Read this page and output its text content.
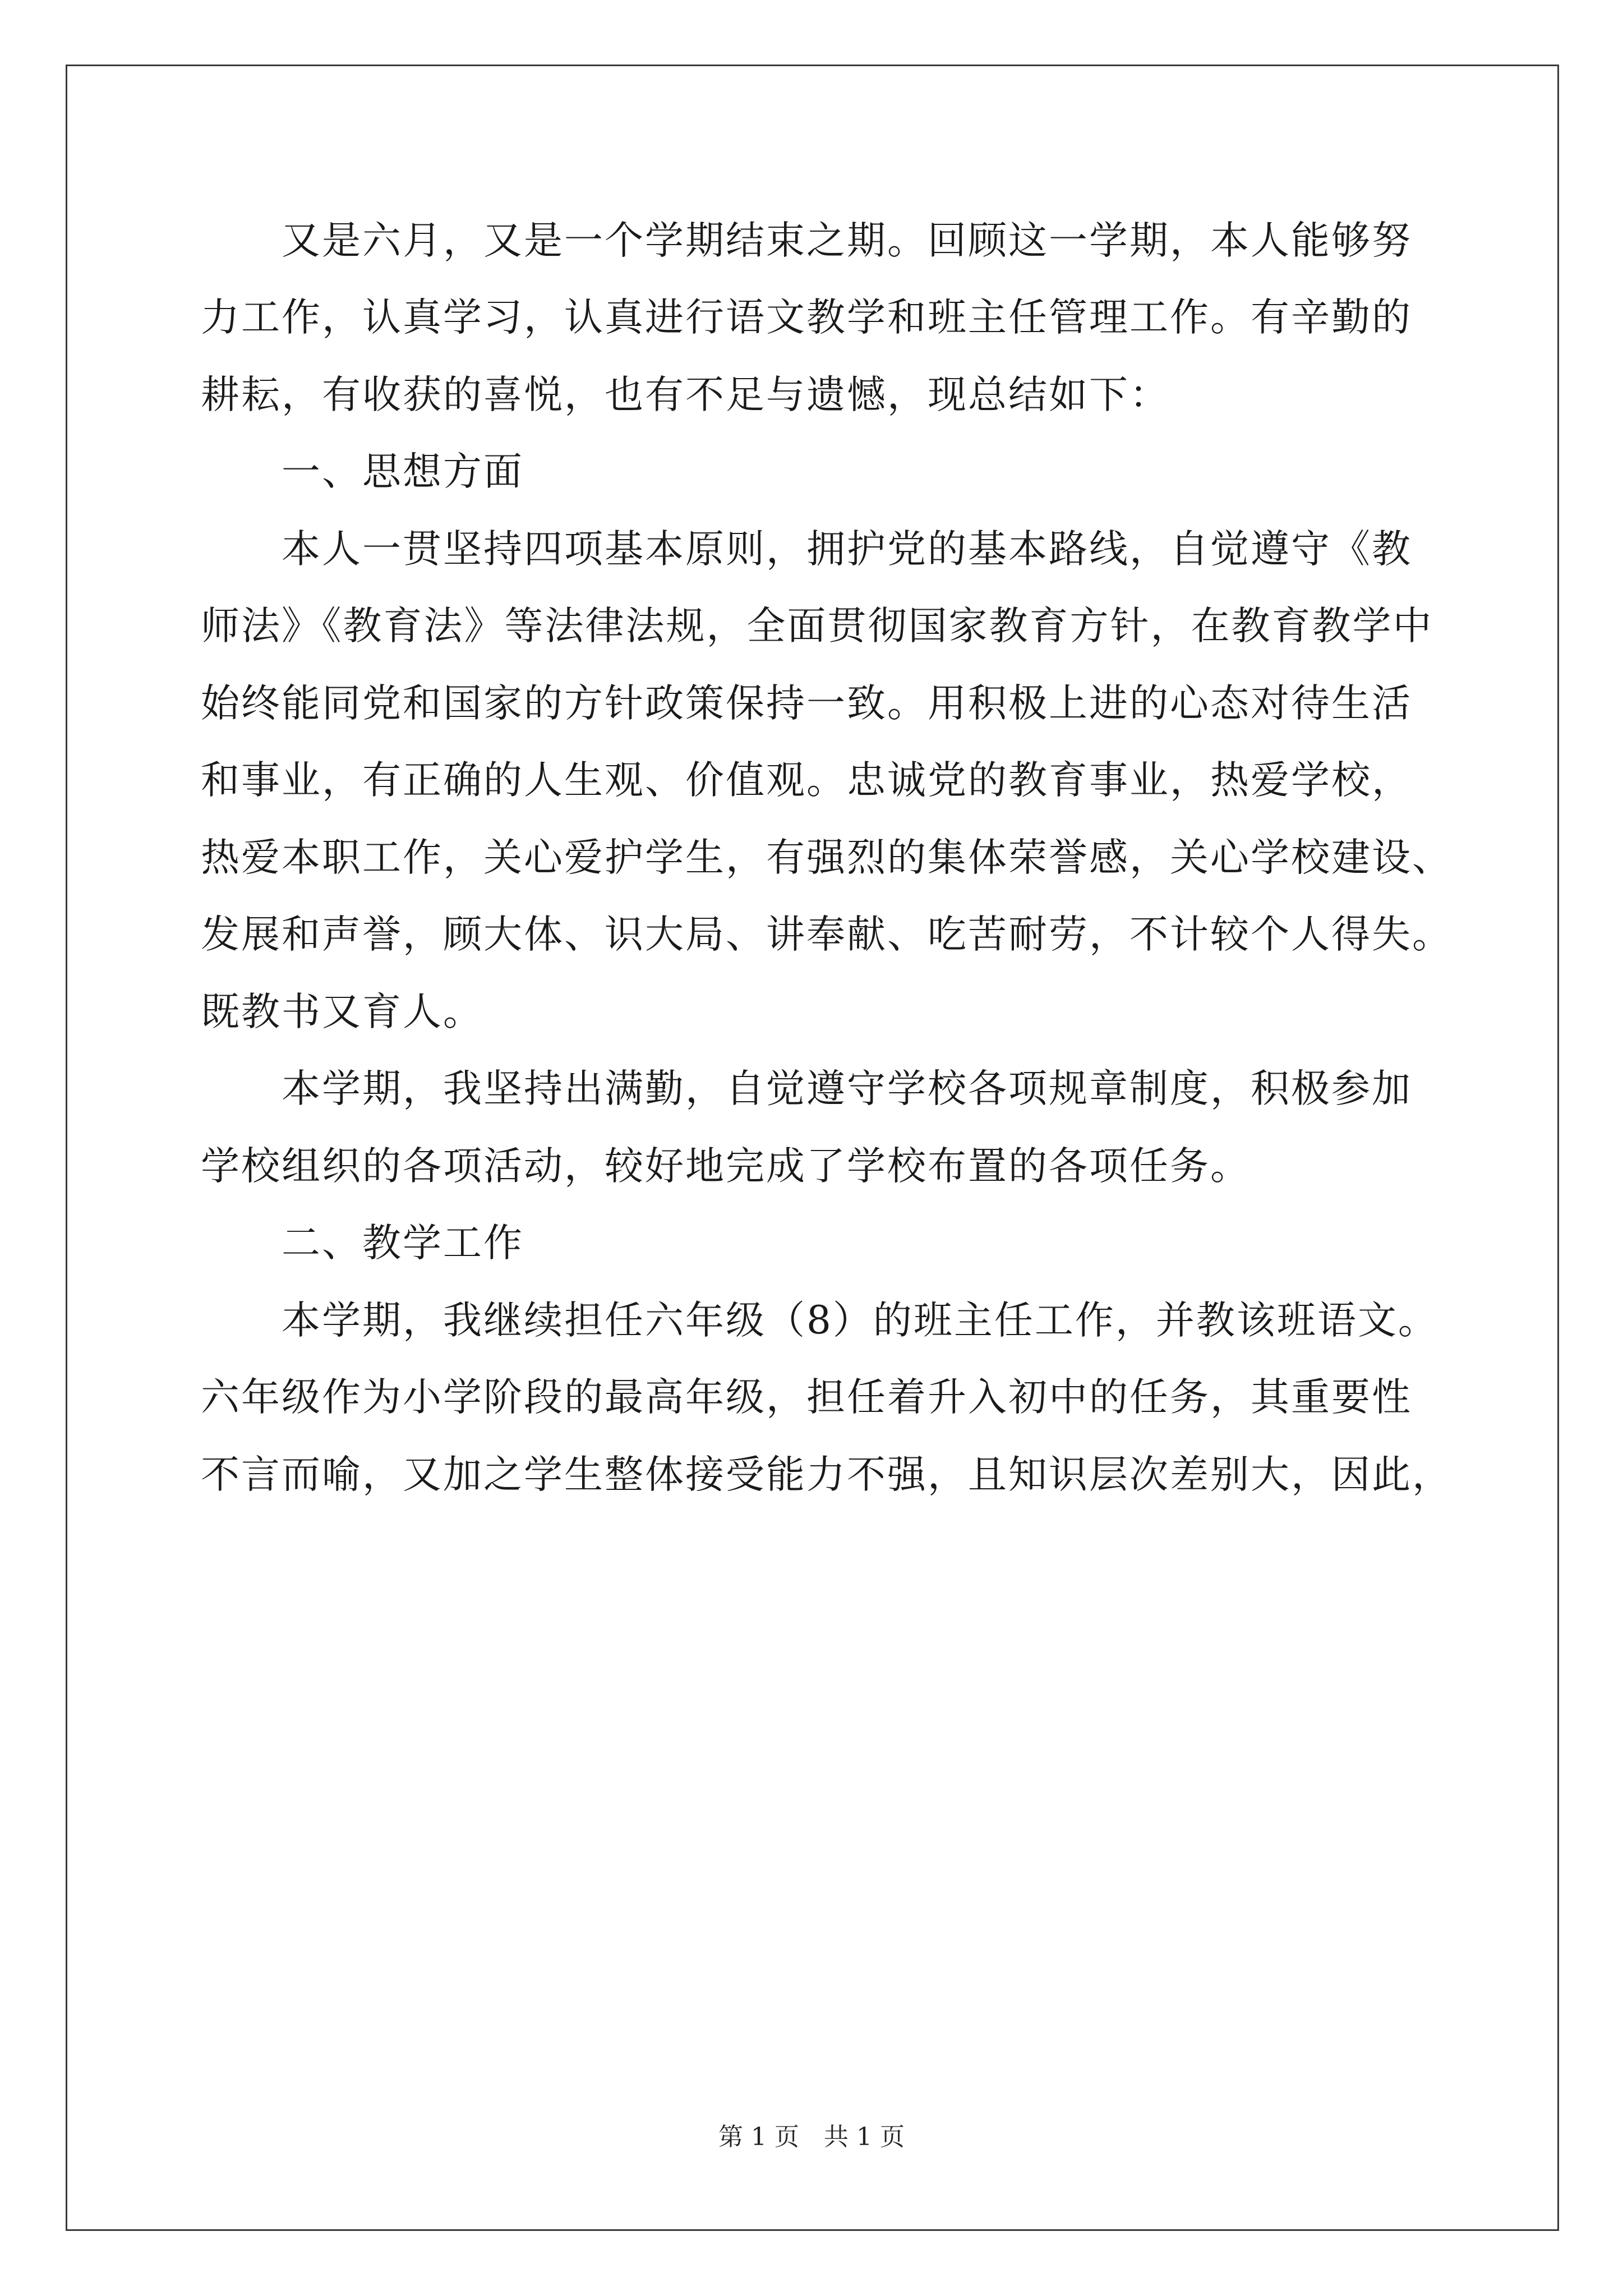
又是六月，又是一个学期结束之期。回顾这一学期，本人能够努
力工作，认真学习，认真进行语文教学和班主任管理工作。有辛勤的
耕耘，有收获的喜悦，也有不足与遗憾，现总结如下：
一、思想方面
本人一贯坚持四项基本原则，拥护党的基本路线，自觉遵守《教
师法》《教育法》等法律法规，全面贯彻国家教育方针，在教育教学中
始终能同党和国家的方针政策保持一致。用积极上进的心态对待生活
和事业，有正确的人生观、价值观。忠诚党的教育事业，热爱学校，
热爱本职工作，关心爱护学生，有强烈的集体荣誉感，关心学校建设、
发展和声誉，顾大体、识大局、讲奉献、吃苦耐劳，不计较个人得失。
既教书又育人。
本学期，我坚持出满勤，自觉遵守学校各项规章制度，积极参加
学校组织的各项活动，较好地完成了学校布置的各项任务。
二、教学工作
本学期，我继续担任六年级（8）的班主任工作，并教该班语文。
六年级作为小学阶段的最高年级，担任着升入初中的任务，其重要性
不言而喻，又加之学生整体接受能力不强，且知识层次差别大，因此，
第 1 页　共 1 页
